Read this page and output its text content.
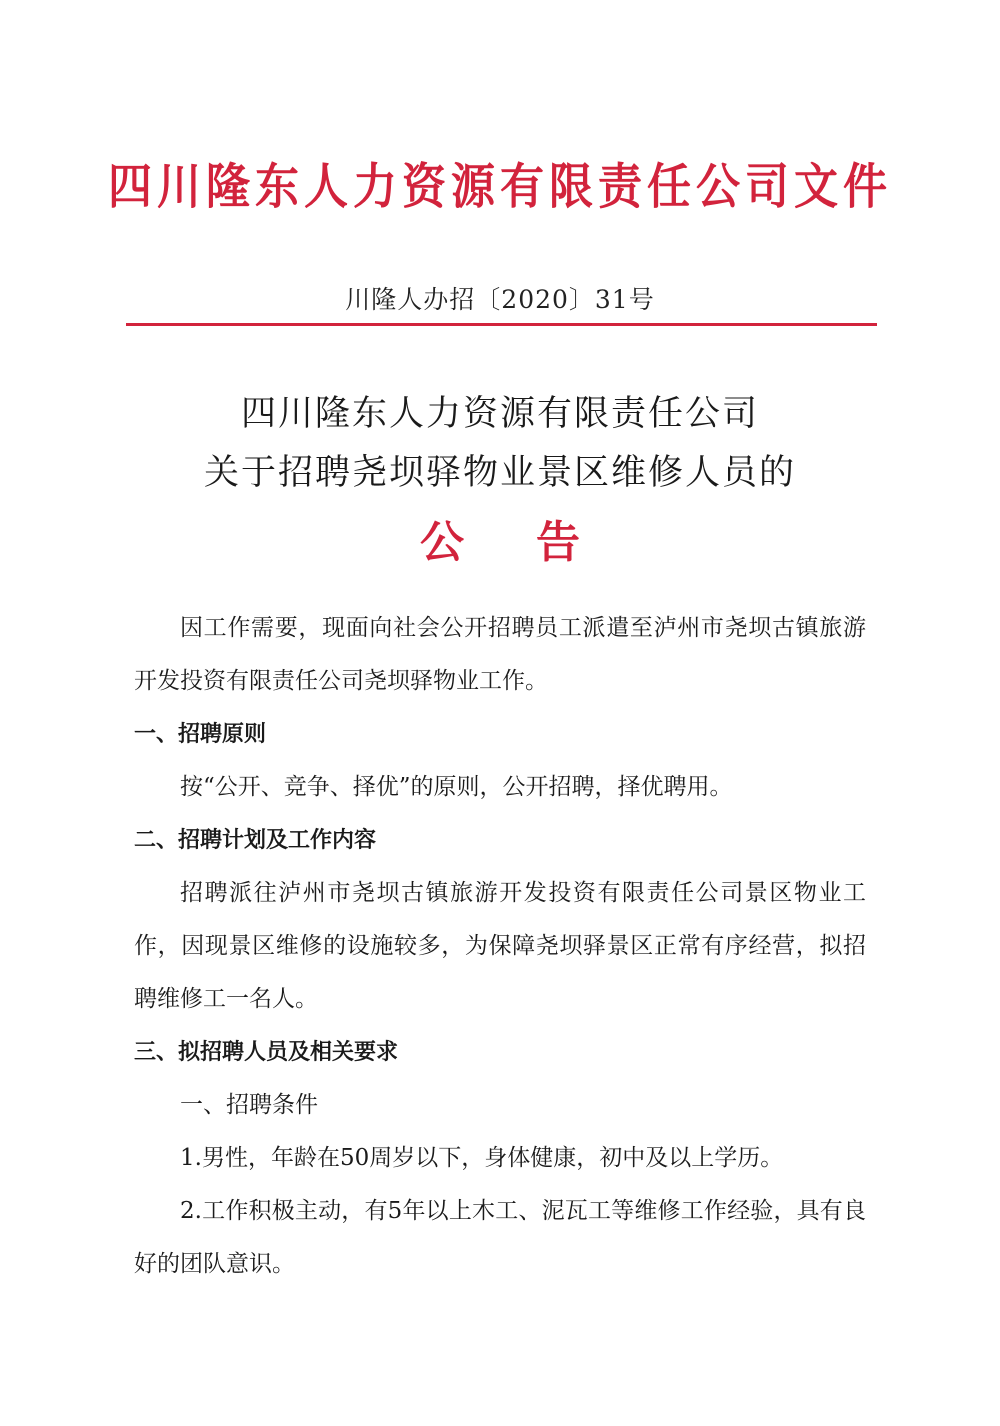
四川隆东人力资源有限责任公司文件
川隆人办招〔2020〕31号
四川隆东人力资源有限责任公司
关于招聘尧坝驿物业景区维修人员的
公 告

因工作需要，现面向社会公开招聘员工派遣至泸州市尧坝古镇旅游开发投资有限责任公司尧坝驿物业工作。

一、招聘原则

按“公开、竞争、择优”的原则，公开招聘，择优聘用。

二、招聘计划及工作内容

招聘派往泸州市尧坝古镇旅游开发投资有限责任公司景区物业工作，因现景区维修的设施较多，为保障尧坝驿景区正常有序经营，拟招聘维修工一名人。

三、拟招聘人员及相关要求

一、招聘条件

1.男性，年龄在50周岁以下，身体健康，初中及以上学历。

2.工作积极主动，有5年以上木工、泥瓦工等维修工作经验，具有良好的团队意识。
